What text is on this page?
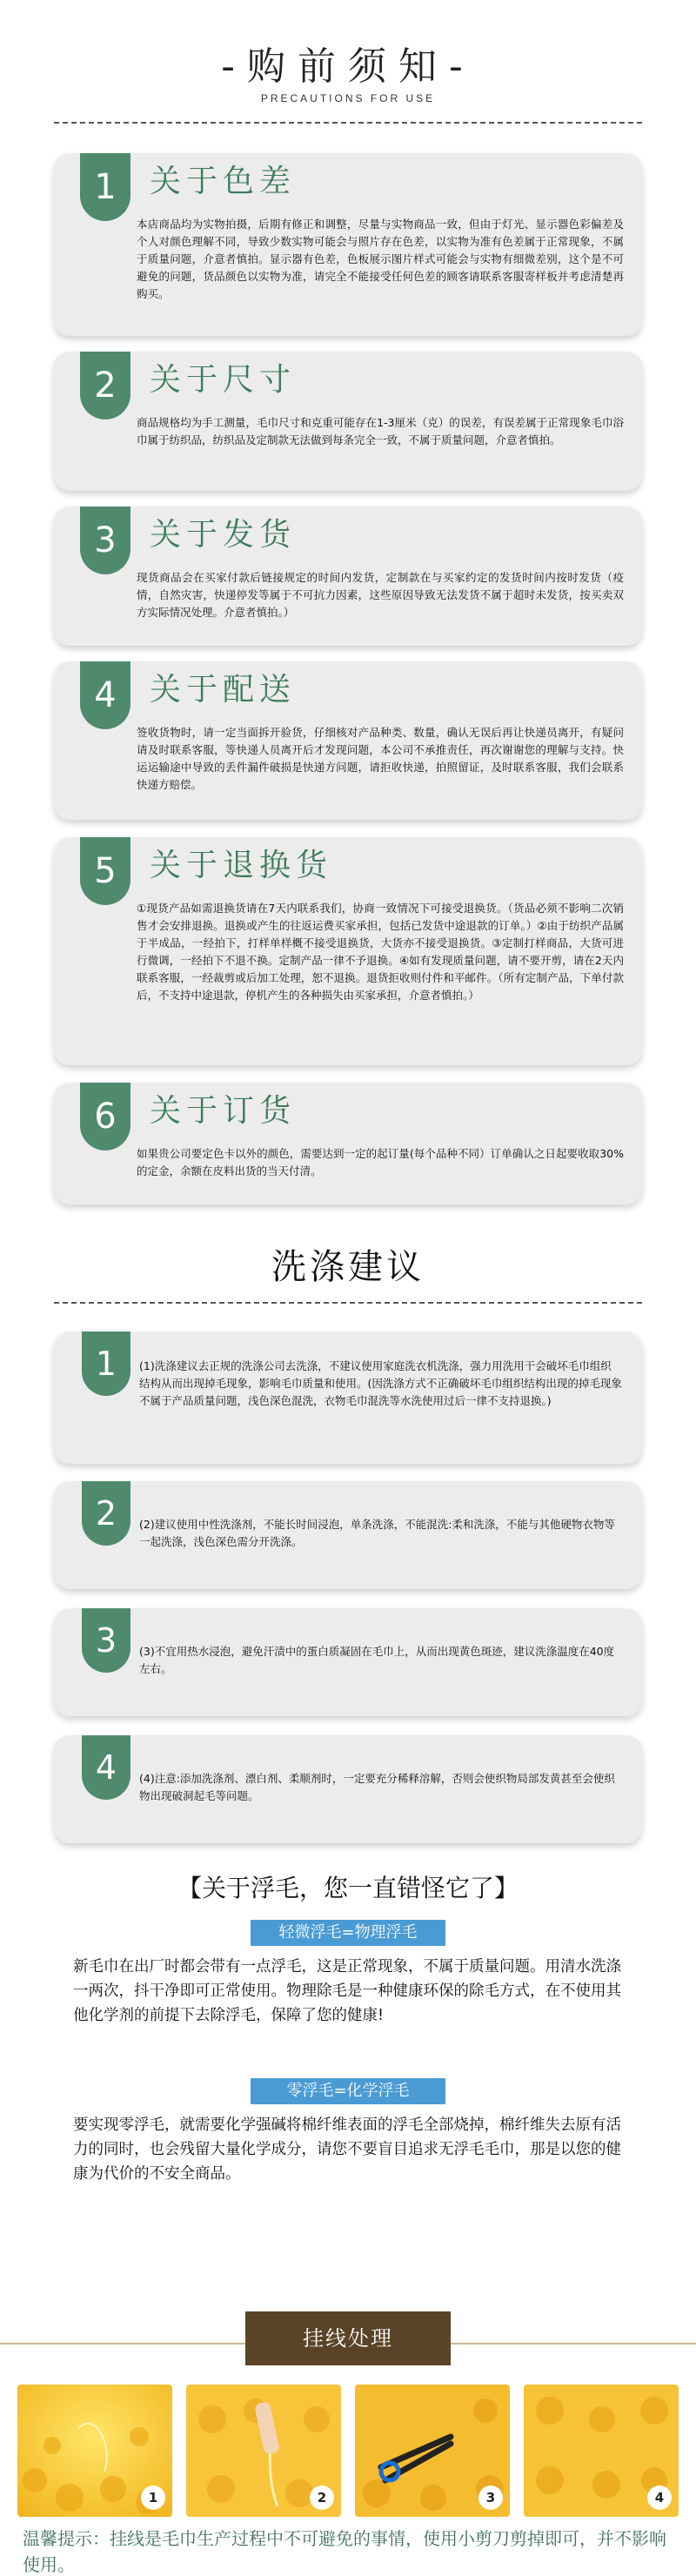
-购前须知-
PRECAUTIONS FOR USE
1	关于色差
本店商品均为实物拍摄，后期有修正和调整，尽量与实物商品一致，但由于灯光、显示器色彩偏差及个人对颜色理解不同，导致少数实物可能会与照片存在色差，以实物为准有色差属于正常现象，不属于质量问题，介意者慎拍。显示器有色差，色板展示图片样式可能会与实物有细微差别，这个是不可避免的问题，货品颜色以实物为准，请完全不能接受任何色差的顾客请联系客服寄样板并考虑清楚再购买。
2	关于尺寸
商品规格均为手工测量，毛巾尺寸和克重可能存在1-3厘米（克）的误差，有误差属于正常现象毛巾浴巾属于纺织品，纺织品及定制款无法做到每条完全一致，不属于质量问题，介意者慎拍。
3	关于发货
现货商品会在买家付款后链接规定的时间内发货，定制款在与买家约定的发货时间内按时发货（疫情，自然灾害，快递停发等属于不可抗力因素，这些原因导致无法发货不属于超时未发货，按买卖双方实际情况处理。介意者慎拍。）
4	关于配送
签收货物时，请一定当面拆开验货，仔细核对产品种类、数量，确认无误后再让快递员离开，有疑问请及时联系客服，等快递人员离开后才发现问题，本公司不承推责任，再次谢谢您的理解与支持。快运运输途中导致的丢件漏件破损是快递方问题，请拒收快递，拍照留证，及时联系客服，我们会联系快递方赔偿。
5	关于退换货
①现货产品如需退换货请在7天内联系我们，协商一致情况下可接受退换货。（货品必须不影响二次销售才会安排退换。退换或产生的往返运费买家承担，包括已发货中途退款的订单。）②由于纺织产品属于半成品，一经拍下，打样单样概不接受退换货，大货亦不接受退换货。③定制打样商品，大货可进行微调，一经拍下不退不换。定制产品一律不予退换。④如有发现质量问题，请不要开剪，请在2天内联系客服，一经裁剪或后加工处理，恕不退换。退货拒收则付件和平邮件。（所有定制产品，下单付款后，不支持中途退款，停机产生的各种损失由买家承担，介意者慎拍。）
6	关于订货
如果贵公司要定色卡以外的颜色，需要达到一定的起订量(每个品种不同）订单确认之日起要收取30%的定金，余额在皮料出货的当天付清。
洗涤建议
1	(1)洗涤建议去正规的洗涤公司去洗涤，不建议使用家庭洗衣机洗涤，强力用洗用干会破坏毛巾组织结构从而出现掉毛现象，影响毛巾质量和使用。(因洗涤方式不正确破坏毛巾组织结构出现的掉毛现象不属于产品质量问题，浅色深色混洗，衣物毛巾混洗等水洗使用过后一律不支持退换。)
2	(2)建议使用中性洗涤剂，不能长时间浸泡，单条洗涤，不能混洗:柔和洗涤，不能与其他硬物衣物等一起洗涤，浅色深色需分开洗涤。
3	(3)不宜用热水浸泡，避免汗渍中的蛋白质凝固在毛巾上，从而出现黄色斑迹，建议洗涤温度在40度左右。
4	(4)注意:添加洗涤剂、漂白剂、柔顺剂时，一定要充分稀释溶解，否则会使织物局部发黄甚至会使织物出现破洞起毛等问题。
【关于浮毛，您一直错怪它了】
轻微浮毛=物理浮毛
新毛巾在出厂时都会带有一点浮毛，这是正常现象，不属于质量问题。用清水洗涤一两次，抖干净即可正常使用。物理除毛是一种健康环保的除毛方式，在不使用其他化学剂的前提下去除浮毛，保障了您的健康!
零浮毛=化学浮毛
要实现零浮毛，就需要化学强碱将棉纤维表面的浮毛全部烧掉，棉纤维失去原有活力的同时，也会残留大量化学成分，请您不要盲目追求无浮毛毛巾，那是以您的健康为代价的不安全商品。
挂线处理
1	2	3	4
温馨提示：挂线是毛巾生产过程中不可避免的事情，使用小剪刀剪掉即可，并不影响使用。
